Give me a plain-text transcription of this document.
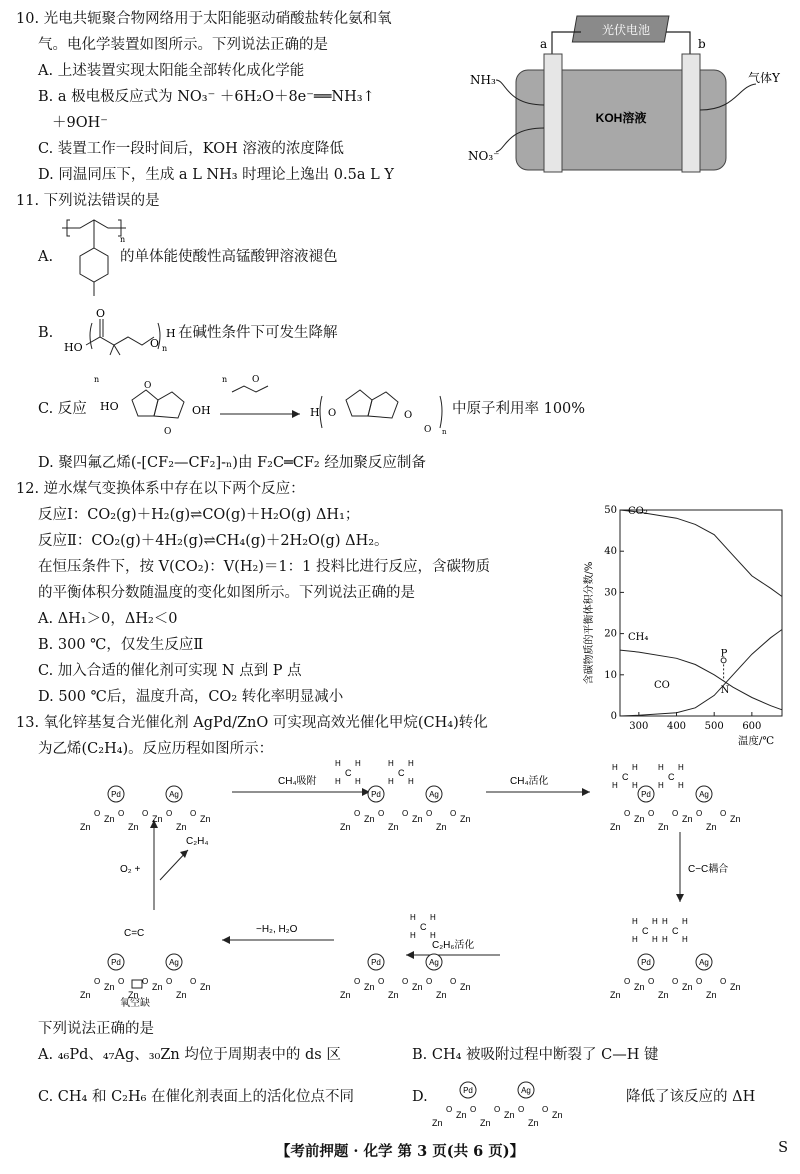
10. 光电共轭聚合物网络用于太阳能驱动硝酸盐转化氨和氧
气。电化学装置如图所示。下列说法正确的是
A. 上述装置实现太阳能全部转化成化学能
B. a 极电极反应式为 NO₃⁻ ＋6H₂O＋8e⁻══NH₃↑
＋9OH⁻
C. 装置工作一段时间后，KOH 溶液的浓度降低
D. 同温同压下，生成 a L NH₃ 时理论上逸出 0.5a L Y
光伏电池
a	b
KOH溶液
NH₃
NO₃⁻
气体Y
11. 下列说法错误的是
A.
n
的单体能使酸性高锰酸钾溶液褪色
B.
HO
O
O n
H 在碱性条件下可发生降解
C. 反应
n
HO
O
O
OH
n	O
H O	O
O n
中原子利用率 100%
D. 聚四氟乙烯(-[CF₂—CF₂]-ₙ)由 F₂C═CF₂ 经加聚反应制备
12. 逆水煤气变换体系中存在以下两个反应：
反应Ⅰ：CO₂(g)＋H₂(g)⇌CO(g)＋H₂O(g) ΔH₁；
反应Ⅱ：CO₂(g)＋4H₂(g)⇌CH₄(g)＋2H₂O(g) ΔH₂。
在恒压条件下，按 V(CO₂)：V(H₂)＝1：1 投料比进行反应，含碳物质
的平衡体积分数随温度的变化如图所示。下列说法正确的是
A. ΔH₁＞0，ΔH₂＜0
B. 300 ℃，仅发生反应Ⅱ
C. 加入合适的催化剂可实现 N 点到 P 点
D. 500 ℃后，温度升高，CO₂ 转化率明显减小
300 400 500 600
0
10
20
30
40
50
温度/℃
含碳物质的平衡体积分数/%
CO₂
CH₄
CO
P
N
13. 氧化锌基复合光催化剂 AgPd/ZnO 可实现高效光催化甲烷(CH₄)转化
为乙烯(C₂H₄)。反应历程如图所示：
CH₄吸附	CH₄活化
C−C耦合
C₂H₆活化
−H₂, H₂O
O₂ +
C₂H₄
氧空缺
Zn
O
Zn
O
Zn
O
Zn
O
Zn
O
Zn
Pd	Ag
Zn
O
Zn
O
Zn
O
Zn
O
Zn
O
Zn
Pd	Ag
C
H H
H H
C
H H
H H
Zn
O
Zn
O
Zn
O
Zn
O
Zn
O
Zn
Pd	Ag
C
H H
H H
C
H H
H H
Zn
O
Zn
O
Zn
O
Zn
O
Zn
O
Zn
Pd	Ag
C
H H
H H
C
H H
H H
Zn
O
Zn
O
Zn
O
Zn
O
Zn
O
Zn
Pd	Ag
C
H H
H H
Zn
O
Zn
O
Zn
O
Zn
O
Zn
O
Zn
Pd	Ag
C=C
下列说法正确的是
A. ₄₆Pd、₄₇Ag、₃₀Zn 均位于周期表中的 ds 区	B. CH₄ 被吸附过程中断裂了 C—H 键
C. CH₄ 和 C₂H₆ 在催化剂表面上的活化位点不同	D.
Zn
O
Zn
O
Zn
O
Zn
O
Zn
O
Zn
Pd	Ag	降低了该反应的 ΔH
【考前押题 · 化学 第 3 页(共 6 页)】	S
